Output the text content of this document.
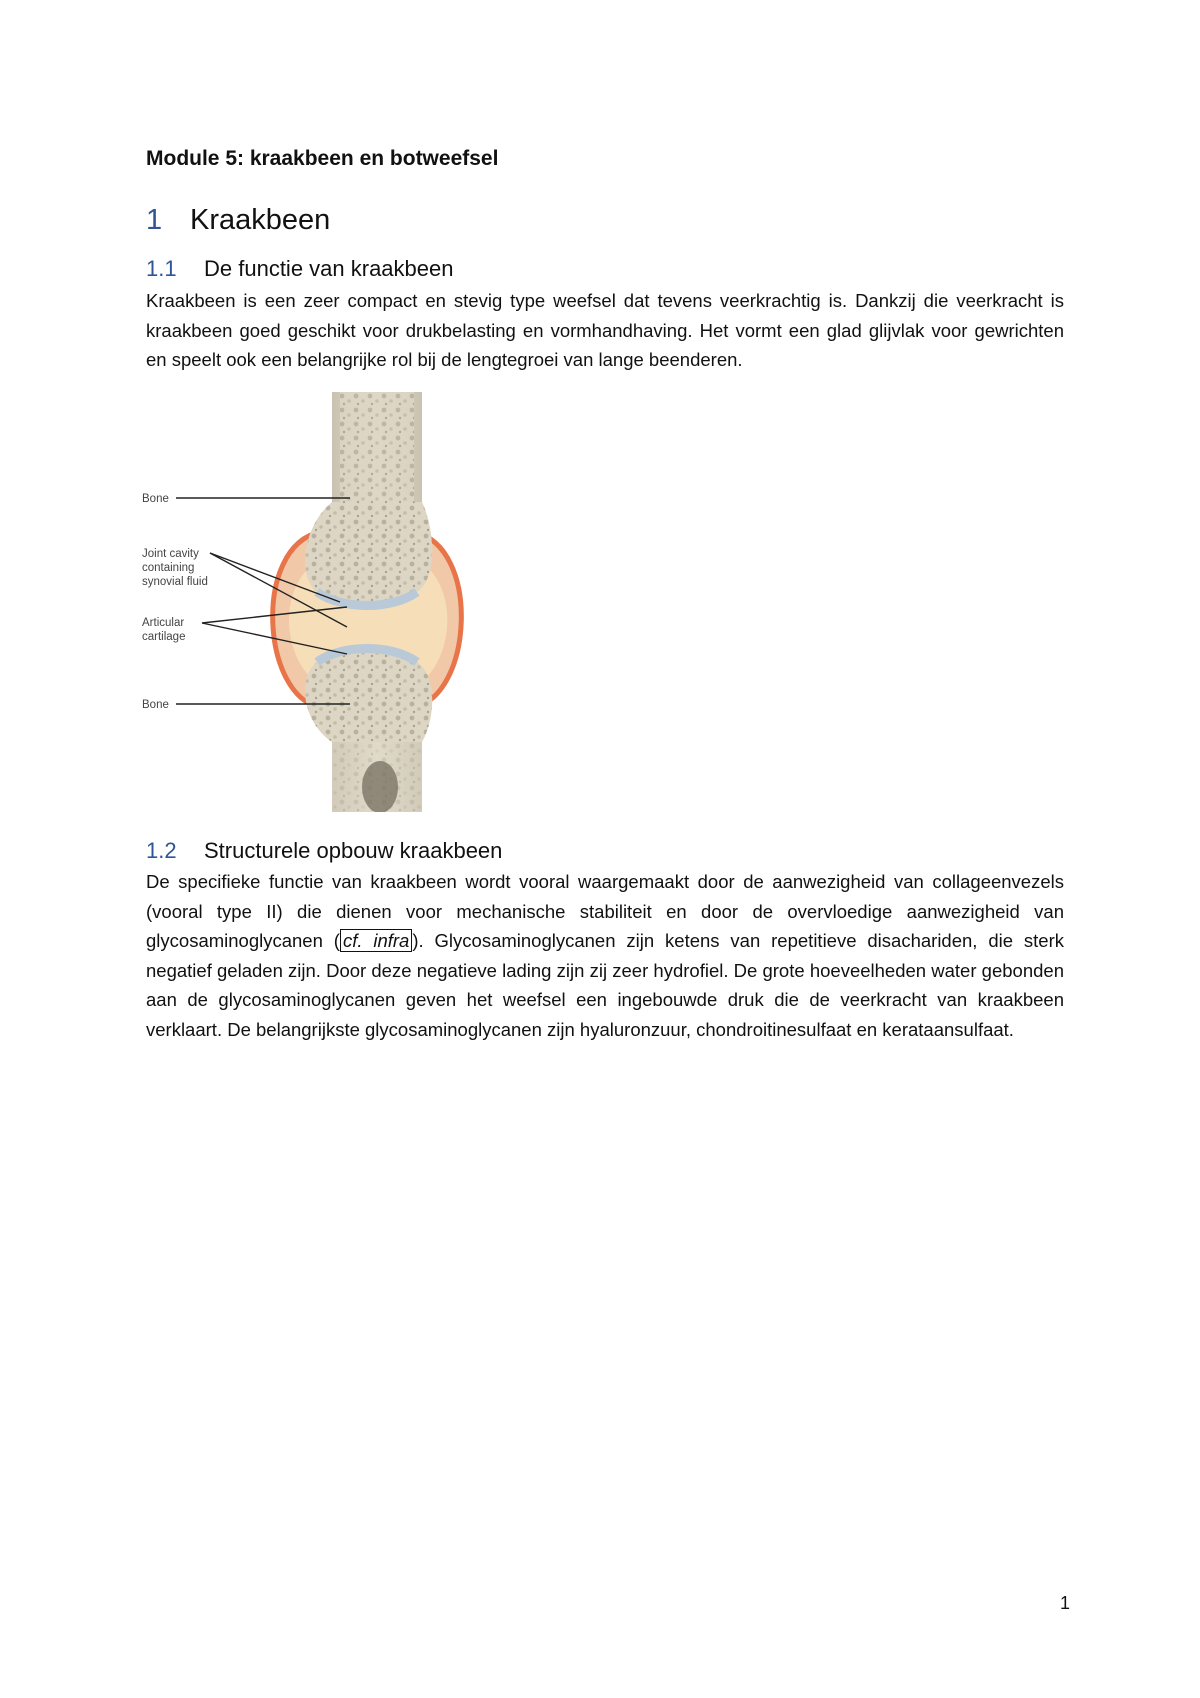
Module 5: kraakbeen en botweefsel
1 Kraakbeen
1.1 De functie van kraakbeen

Kraakbeen is een zeer compact en stevig type weefsel dat tevens veerkrachtig is. Dankzij die veerkracht is kraakbeen goed geschikt voor drukbelasting en vormhandhaving. Het vormt een glad glijvlak voor gewrichten en speelt ook een belangrijke rol bij de lengtegroei van lange beenderen.

Bone
Joint cavity
containing
synovial fluid
Articular
cartilage
Bone
1.2 Structurele opbouw kraakbeen

De specifieke functie van kraakbeen wordt vooral waargemaakt door de aanwezigheid van collageenvezels (vooral type II) die dienen voor mechanische stabiliteit en door de overvloedige aanwezigheid van glycosaminoglycanen ( cf. infra ). Glycosaminoglycanen zijn ketens van repetitieve disachariden, die sterk negatief geladen zijn. Door deze negatieve lading zijn zij zeer hydrofiel. De grote hoeveelheden water gebonden aan de glycosaminoglycanen geven het weefsel een ingebouwde druk die de veerkracht van kraakbeen verklaart. De belangrijkste glycosaminoglycanen zijn hyaluronzuur, chondroitinesulfaat en keratаansulfaat.

1
